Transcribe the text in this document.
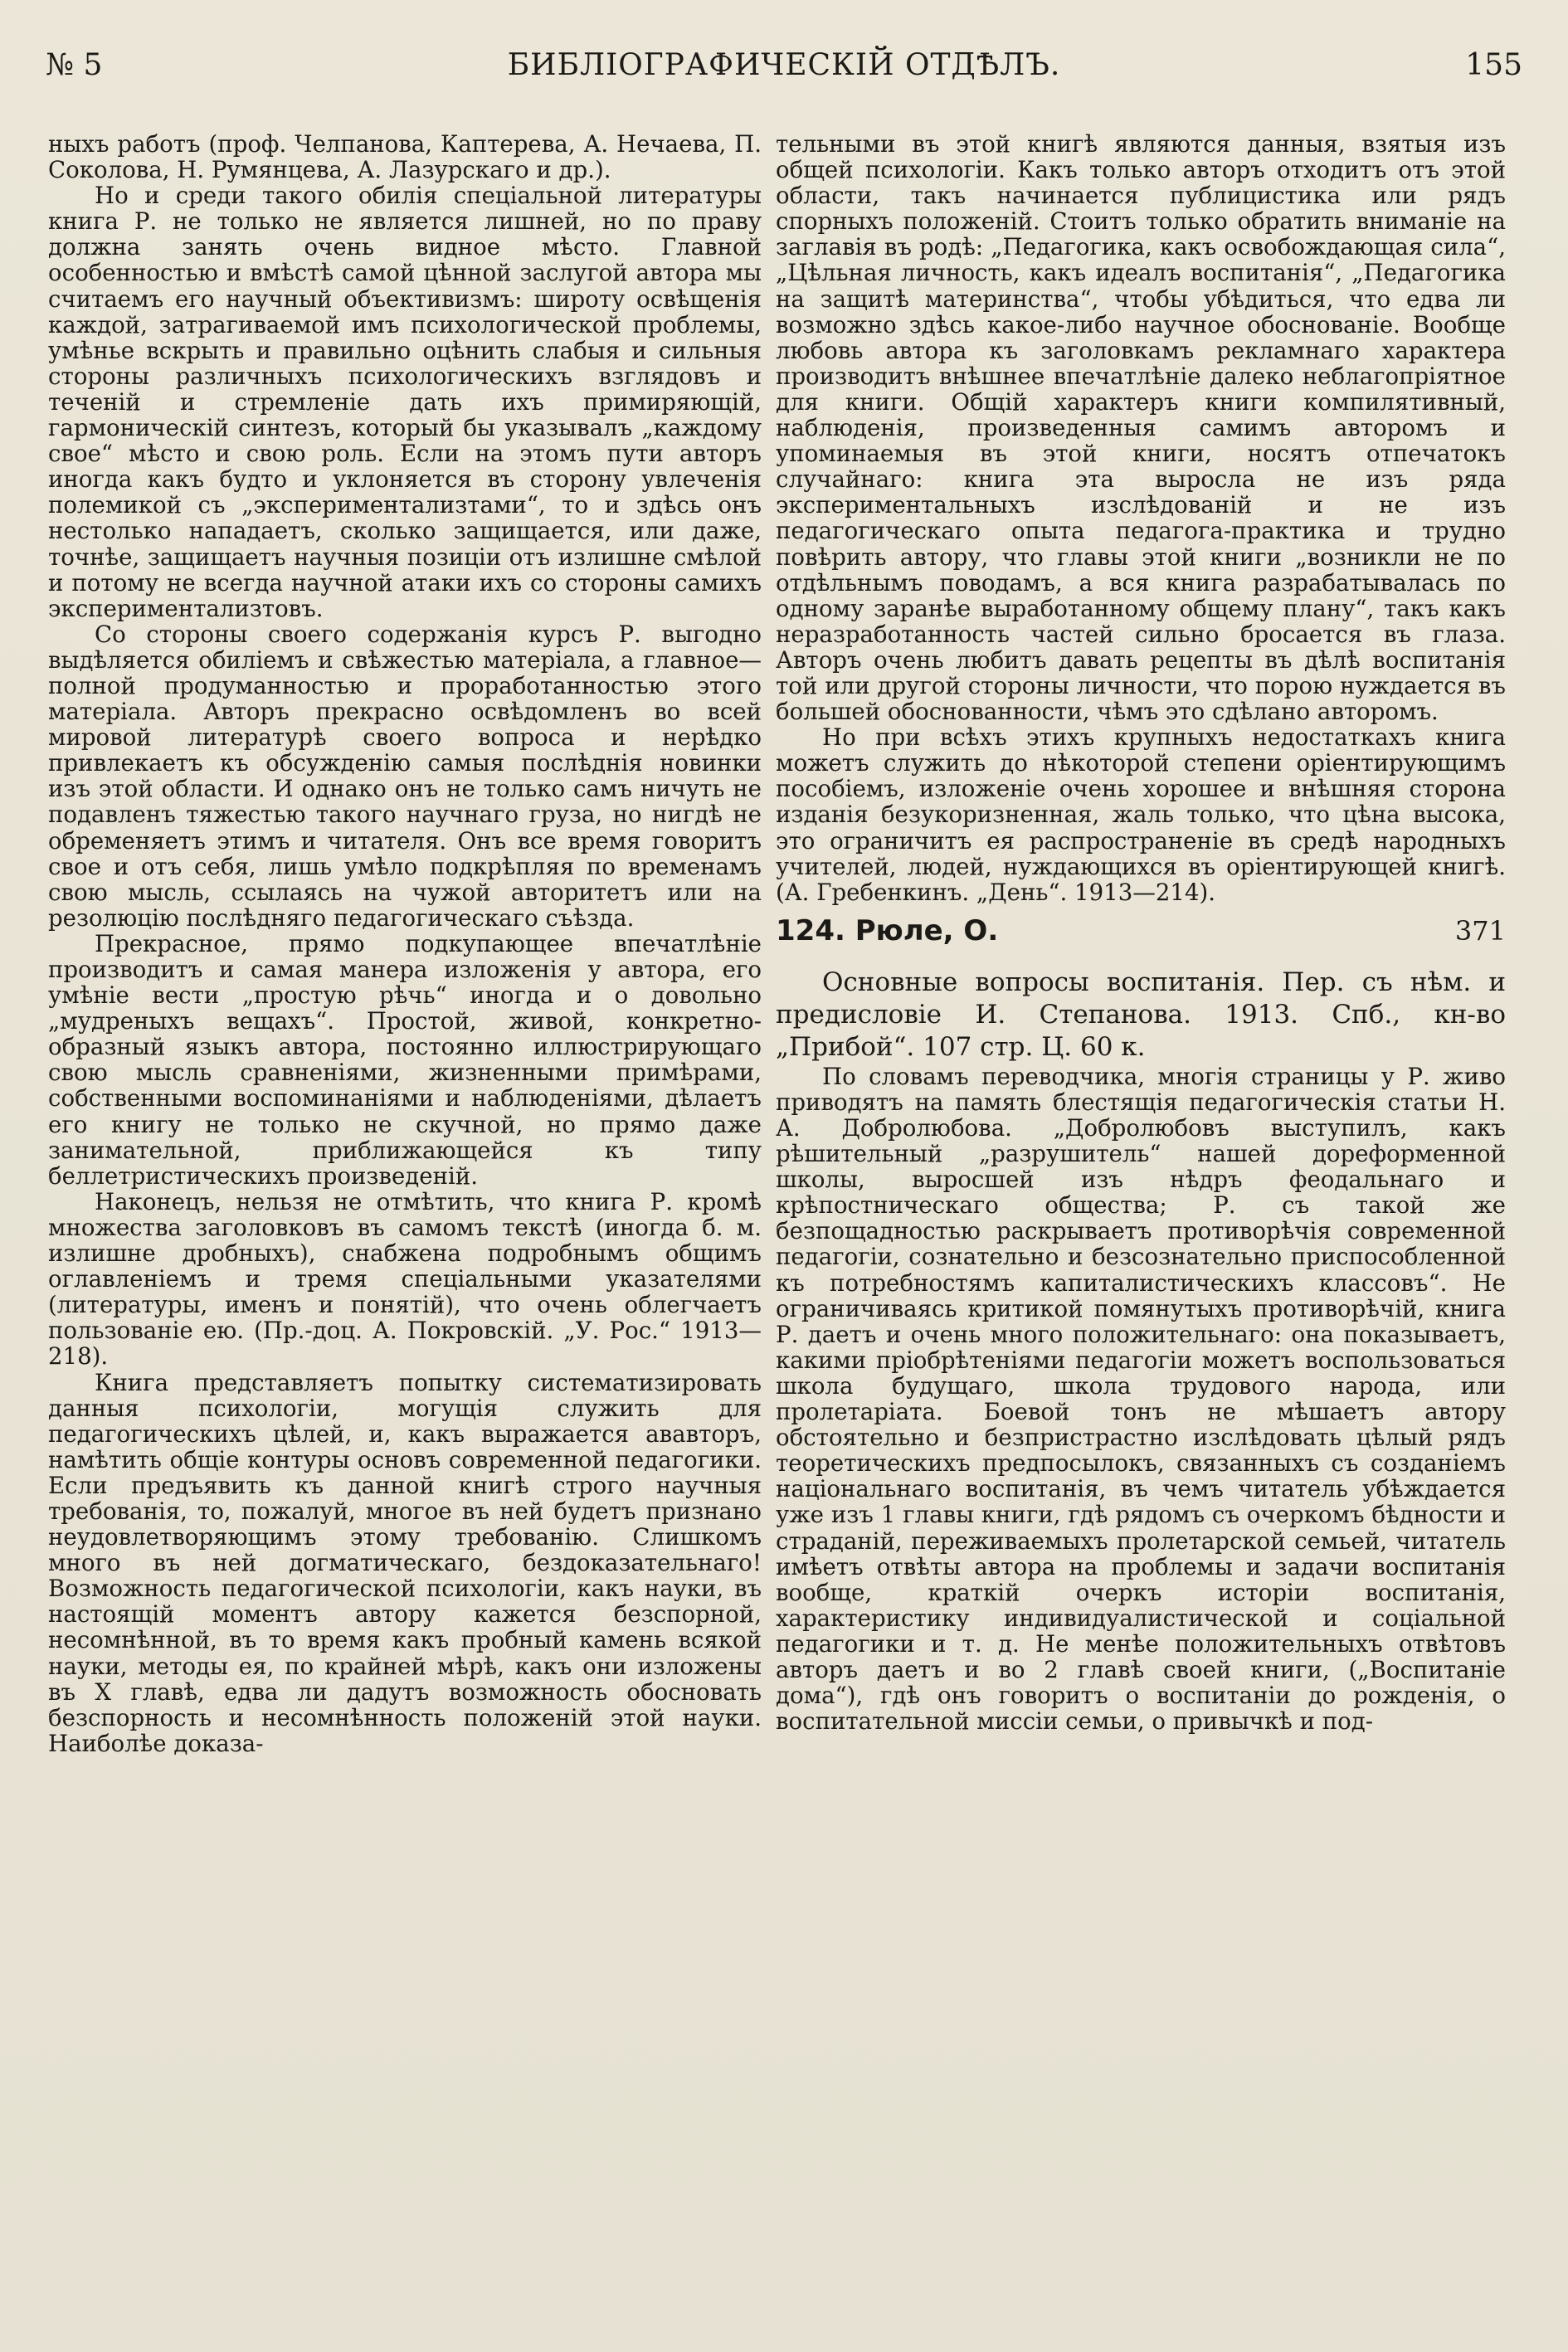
№ 5	БИБЛІОГРАФИЧЕСКІЙ ОТДѢЛЪ.	155

ныхъ работъ (проф. Челпанова, Каптерева, А. Нечаева, П. Соколова, Н. Румянцева, А. Лазурскаго и др.).

Но и среди такого обилія спеціальной литературы книга Р. не только не является лишней, но по праву должна занять очень видное мѣсто. Главной особенностью и вмѣстѣ самой цѣнной заслугой автора мы считаемъ его научный объективизмъ: широту освѣщенія каждой, затрагиваемой имъ психологической проблемы, умѣнье вскрыть и правильно оцѣнить слабыя и сильныя стороны различныхъ психологическихъ взглядовъ и теченій и стремленіе дать ихъ примиряющій, гармоническій синтезъ, который бы указывалъ „каждому свое“ мѣсто и свою роль. Если на этомъ пути авторъ иногда какъ будто и уклоняется въ сторону увлеченія полемикой съ „экспериментализтами“, то и здѣсь онъ нестолько нападаетъ, сколько защищается, или даже, точнѣе, защищаетъ научныя позиціи отъ излишне смѣлой и потому не всегда научной атаки ихъ со стороны самихъ экспериментализтовъ.

Со стороны своего содержанія курсъ Р. выгодно выдѣляется обиліемъ и свѣжестью матеріала, а главное—полной продуманностью и проработанностью этого матеріала. Авторъ прекрасно освѣдомленъ во всей мировой литературѣ своего вопроса и нерѣдко привлекаетъ къ обсужденію самыя послѣднія новинки изъ этой области. И однако онъ не только самъ ничуть не подавленъ тяжестью такого научнаго груза, но нигдѣ не обременяетъ этимъ и читателя. Онъ все время говоритъ свое и отъ себя, лишь умѣло подкрѣпляя по временамъ свою мысль, ссылаясь на чужой авторитетъ или на резолюцію послѣдняго педагогическаго съѣзда.

Прекрасное, прямо подкупающее впечатлѣніе производитъ и самая манера изложенія у автора, его умѣніе вести „простую рѣчь“ иногда и о довольно „мудреныхъ вещахъ“. Простой, живой, конкретно-образный языкъ автора, постоянно иллюстрирующаго свою мысль сравненіями, жизненными примѣрами, собственными воспоминаніями и наблюденіями, дѣлаетъ его книгу не только не скучной, но прямо даже занимательной, приближающейся къ типу беллетристическихъ произведеній.

Наконецъ, нельзя не отмѣтить, что книга Р. кромѣ множества заголовковъ въ самомъ текстѣ (иногда б. м. излишне дробныхъ), снабжена подробнымъ общимъ оглавленіемъ и тремя спеціальными указателями (литературы, именъ и понятій), что очень облегчаетъ пользованіе ею. (Пр.-доц. А. Покровскій. „У. Рос.“ 1913—218).

Книга представляетъ попытку систематизировать данныя психологіи, могущія служить для педагогическихъ цѣлей, и, какъ выражается ававторъ, намѣтить общіе контуры основъ современной педагогики. Если предъявить къ данной книгѣ строго научныя требованія, то, пожалуй, многое въ ней будетъ признано неудовлетворяющимъ этому требованію. Слишкомъ много въ ней догматическаго, бездоказательнаго! Возможность педагогической психологіи, какъ науки, въ настоящій моментъ автору кажется безспорной, несомнѣнной, въ то время какъ пробный камень всякой науки, методы ея, по крайней мѣрѣ, какъ они изложены въ X главѣ, едва ли дадутъ возможность обосновать безспорность и несомнѣнность положеній этой науки. Наиболѣе доказа-

тельными въ этой книгѣ являются данныя, взятыя изъ общей психологіи. Какъ только авторъ отходитъ отъ этой области, такъ начинается публицистика или рядъ спорныхъ положеній. Стоитъ только обратить вниманіе на заглавія въ родѣ: „Педагогика, какъ освобождающая сила“, „Цѣльная личность, какъ идеалъ воспитанія“, „Педагогика на защитѣ материнства“, чтобы убѣдиться, что едва ли возможно здѣсь какое-либо научное обоснованіе. Вообще любовь автора къ заголовкамъ рекламнаго характера производитъ внѣшнее впечатлѣніе далеко неблагопріятное для книги. Общій характеръ книги компилятивный, наблюденія, произведенныя самимъ авторомъ и упоминаемыя въ этой книги, носятъ отпечатокъ случайнаго: книга эта выросла не изъ ряда экспериментальныхъ изслѣдованій и не изъ педагогическаго опыта педагога-практика и трудно повѣрить автору, что главы этой книги „возникли не по отдѣльнымъ поводамъ, а вся книга разрабатывалась по одному заранѣе выработанному общему плану“, такъ какъ неразработанность частей сильно бросается въ глаза. Авторъ очень любитъ давать рецепты въ дѣлѣ воспитанія той или другой стороны личности, что порою нуждается въ большей обоснованности, чѣмъ это сдѣлано авторомъ.

Но при всѣхъ этихъ крупныхъ недостаткахъ книга можетъ служить до нѣкоторой степени оріентирующимъ пособіемъ, изложеніе очень хорошее и внѣшняя сторона изданія безукоризненная, жаль только, что цѣна высока, это ограничитъ ея распространеніе въ средѣ народныхъ учителей, людей, нуждающихся въ оріентирующей книгѣ. (А. Гребенкинъ. „День“. 1913—214).

124. Рюле, О.	371

Основные вопросы воспитанія. Пер. съ нѣм. и предисловіе И. Степанова. 1913. Спб., кн-во „Прибой“. 107 стр. Ц. 60 к.

По словамъ переводчика, многія страницы у Р. живо приводятъ на память блестящія педагогическія статьи Н. А. Добролюбова. „Добролюбовъ выступилъ, какъ рѣшительный „разрушитель“ нашей дореформенной школы, выросшей изъ нѣдръ феодальнаго и крѣпостническаго общества; Р. съ такой же безпощадностью раскрываетъ противорѣчія современной педагогіи, сознательно и безсознательно приспособленной къ потребностямъ капиталистическихъ классовъ“. Не ограничиваясь критикой помянутыхъ противорѣчій, книга Р. даетъ и очень много положительнаго: она показываетъ, какими пріобрѣтеніями педагогіи можетъ воспользоваться школа будущаго, школа трудового народа, или пролетаріата. Боевой тонъ не мѣшаетъ автору обстоятельно и безпристрастно изслѣдовать цѣлый рядъ теоретическихъ предпосылокъ, связанныхъ съ созданіемъ національнаго воспитанія, въ чемъ читатель убѣждается уже изъ 1 главы книги, гдѣ рядомъ съ очеркомъ бѣдности и страданій, переживаемыхъ пролетарской семьей, читатель имѣетъ отвѣты автора на проблемы и задачи воспитанія вообще, краткій очеркъ исторіи воспитанія, характеристику индивидуалистической и соціальной педагогики и т. д. Не менѣе положительныхъ отвѣтовъ авторъ даетъ и во 2 главѣ своей книги, („Воспитаніе дома“), гдѣ онъ говоритъ о воспитаніи до рожденія, о воспитательной миссіи семьи, о привычкѣ и под-
